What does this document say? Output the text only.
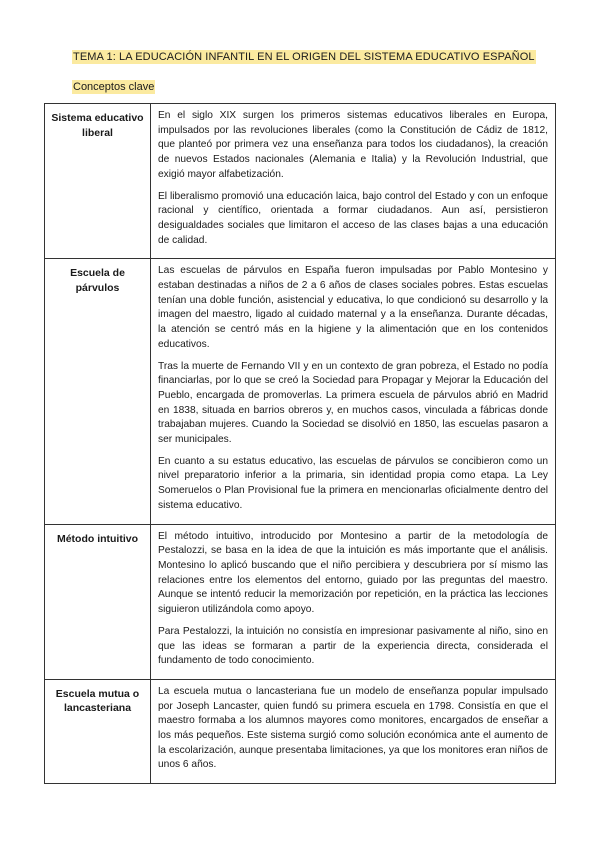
TEMA 1: LA EDUCACIÓN INFANTIL EN EL ORIGEN DEL SISTEMA EDUCATIVO ESPAÑOL
Conceptos clave
Sistema educativo liberal	En el siglo XIX surgen los primeros sistemas educativos liberales en Europa, impulsados por las revoluciones liberales (como la Constitución de Cádiz de 1812, que planteó por primera vez una enseñanza para todos los ciudadanos), la creación de nuevos Estados nacionales (Alemania e Italia) y la Revolución Industrial, que exigió mayor alfabetización.

El liberalismo promovió una educación laica, bajo control del Estado y con un enfoque racional y científico, orientada a formar ciudadanos. Aun así, persistieron desigualdades sociales que limitaron el acceso de las clases bajas a una educación de calidad.

Escuela de párvulos	Las escuelas de párvulos en España fueron impulsadas por Pablo Montesino y estaban destinadas a niños de 2 a 6 años de clases sociales pobres. Estas escuelas tenían una doble función, asistencial y educativa, lo que condicionó su desarrollo y la imagen del maestro, ligado al cuidado maternal y a la enseñanza. Durante décadas, la atención se centró más en la higiene y la alimentación que en los contenidos educativos.

Tras la muerte de Fernando VII y en un contexto de gran pobreza, el Estado no podía financiarlas, por lo que se creó la Sociedad para Propagar y Mejorar la Educación del Pueblo, encargada de promoverlas. La primera escuela de párvulos abrió en Madrid en 1838, situada en barrios obreros y, en muchos casos, vinculada a fábricas donde trabajaban mujeres. Cuando la Sociedad se disolvió en 1850, las escuelas pasaron a ser municipales.

En cuanto a su estatus educativo, las escuelas de párvulos se concibieron como un nivel preparatorio inferior a la primaria, sin identidad propia como etapa. La Ley Someruelos o Plan Provisional fue la primera en mencionarlas oficialmente dentro del sistema educativo.

Método intuitivo	El método intuitivo, introducido por Montesino a partir de la metodología de Pestalozzi, se basa en la idea de que la intuición es más importante que el análisis. Montesino lo aplicó buscando que el niño percibiera y descubriera por sí mismo las relaciones entre los elementos del entorno, guiado por las preguntas del maestro. Aunque se intentó reducir la memorización por repetición, en la práctica las lecciones siguieron utilizándola como apoyo.

Para Pestalozzi, la intuición no consistía en impresionar pasivamente al niño, sino en que las ideas se formaran a partir de la experiencia directa, considerada el fundamento de todo conocimiento.

Escuela mutua o lancasteriana	La escuela mutua o lancasteriana fue un modelo de enseñanza popular impulsado por Joseph Lancaster, quien fundó su primera escuela en 1798. Consistía en que el maestro formaba a los alumnos mayores como monitores, encargados de enseñar a los más pequeños. Este sistema surgió como solución económica ante el aumento de la escolarización, aunque presentaba limitaciones, ya que los monitores eran niños de unos 6 años.
